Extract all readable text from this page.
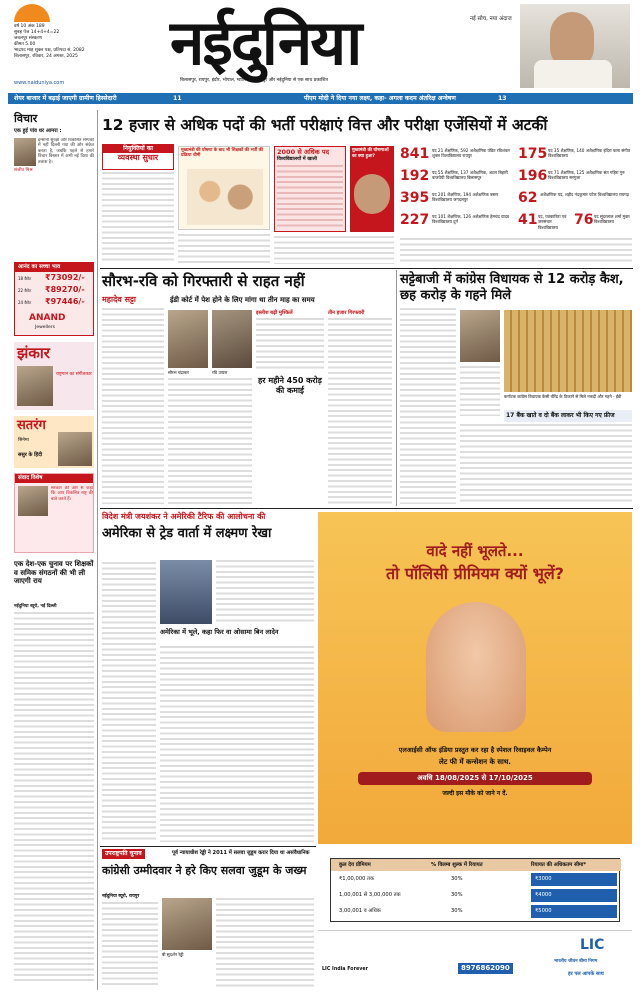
वर्ष 10 अंक 189
सुबह पेज 14+4+4=22
जबलपुर संस्करण
कीमत 5.00
भाद्रपद माह शुक्ल पक्ष, प्रतिपदा सं. 2082
बिलासपुर, रविवार, 24 अगस्त, 2025	नईदुनिया	नई सोच, नया अंदाज
बिलासपुर, रायपुर, इंदौर, भोपाल, ग्वालियर, जबलपुर और नईदुनिया से एक साथ प्रकाशित
www.naiduniya.com
शेयर बाजार में बढ़ाई जाएगी ग्रामीण हिस्सेदारी	11	पीएम मोदी ने दिया नया लक्ष्य, कहा- अगला कदम अंतरिक्ष अन्वेषण	13
विचार
एक हुई पांव धर आमरा :
संजीव मिश्र
इन्सानी सुरक्षा और विकसित सम्पर्कों में नहीं दिल्ली गया की ओर संकेत करता है, जबकि पहले से हमारे विचार विस्तार में अभी नई दिशा की तलाश है।
आनंद का सच्चा भाव
18 कैरेट ₹73092/-
22 कैरेट ₹89270/-
24 कैरेट ₹97446/-
ANAND
Jewellers
झंकार
राष्ट्रगान का संगीतकार
सतरंग
सिनेमा
ससुर के हिंदी
संवाद विशेष
सरकार की ओर से कहा कि आप विकसित राष्ट्र की बाते करते हैं।
एक देश-एक चुनाव पर शिक्षकों व समिक संगठनों की भी ली जाएगी राय
नईदुनिया ब्यूरो, नई दिल्ली
12 हजार से अधिक पदों की भर्ती परीक्षाएं वित्त और परीक्षा एजेंसियों में अटकीं
नियुक्तियों का
व्यवस्था सुधार
मुख्यमंत्री की घोषणा के बाद भी शिक्षकों की भर्ती की प्रक्रिया धीमी	2000 से अधिक पद
विश्वविद्यालयों में खाली
मुख्यमंत्री की घोषणाओं का क्या हुआ?	841 पद 21 शैक्षणिक, 592 अशैक्षणिक पंडित रविशंकर शुक्ल विश्वविद्यालय रायपुर	175 पद 35 शैक्षणिक, 140 अशैक्षणिक इंदिरा कला संगीत विश्वविद्यालय
192 पद 55 शैक्षणिक, 137 अशैक्षणिक, अटल बिहारी वाजपेयी विश्वविद्यालय बिलासपुर	196 पद 71 शैक्षणिक, 125 अशैक्षणिक संत गहिरा गुरु विश्वविद्यालय सरगुजा
395 पद 201 शैक्षणिक, 194 अशैक्षणिक बस्तर विश्वविद्यालय जगदलपुर	62 अशैक्षणिक पद, शहीद नंदकुमार पटेल विश्वविद्यालय रायगढ़
227 पद 101 शैक्षणिक, 126 अशैक्षणिक हेमचंद यादव विश्वविद्यालय दुर्ग	41 पद, पत्रकारिता एवं जनसंचार विश्वविद्यालय	76 पद सुंदरलाल शर्मा मुक्त विश्वविद्यालय
सौरभ-रवि को गिरफ्तारी से राहत नहीं
महादेव सट्टा	ईडी कोर्ट में पेश होने के लिए मांगा था तीन माह का समय
सौरभ चंद्राकर	रवि उप्पल
इस्लीश बढ़ी मुश्किलें
हर महीने 450 करोड़ की कमाई
तीन हजार गिरफ्तारी
सट्टेबाजी में कांग्रेस विधायक से 12 करोड़ कैश, छह करोड़ के गहने मिले
कर्नाटक कांग्रेस विधायक केसी वीरेंद्र के ठिकाने से मिले नकदी और गहने - ईडी
17 बैंक खाते व दो बैंक लाकर भी किए गए फ्रीज
विदेश मंत्री जयशंकर ने अमेरिकी टैरिफ की आलोचना की
अमेरिका से ट्रेड वार्ता में लक्ष्मण रेखा
अमेरिका में भूले, कहा फिर वा ओसामा बिन लादेन
वादे नहीं भूलते...
तो पॉलिसी प्रीमियम क्यों भूलें?
एलआईसी ऑफ इंडिया प्रस्तुत कर रहा है स्पेशल रिवाइवल कैम्पेन
लेट फी में कन्सेशन के साथ.
अवधि 18/08/2025 से 17/10/2025
जल्दी इस मौके को जाने न दें.
कुल देय प्रीमियम	% विलम्ब शुल्क में रियायत	रियायत की अधिकतम सीमा*
₹1,00,000 तक	30%	₹3000
1,00,001 से 3,00,000 तक	30%	₹4000
3,00,001 व अधिक	30%	₹5000
LIC India Forever	8976862090
LIC
भारतीय जीवन बीमा निगम
हर पल आपके साथ
उपराष्ट्रपति चुनाव	पूर्व न्यायाधीश रेड्डी ने 2011 में सलवा जुडूम करार दिया था असंवैधानिक
कांग्रेसी उम्मीदवार ने हरे किए सलवा जुडूम के जख्म
नईदुनिया ब्यूरो, रायपुर
बी सुदर्शन रेड्डी
